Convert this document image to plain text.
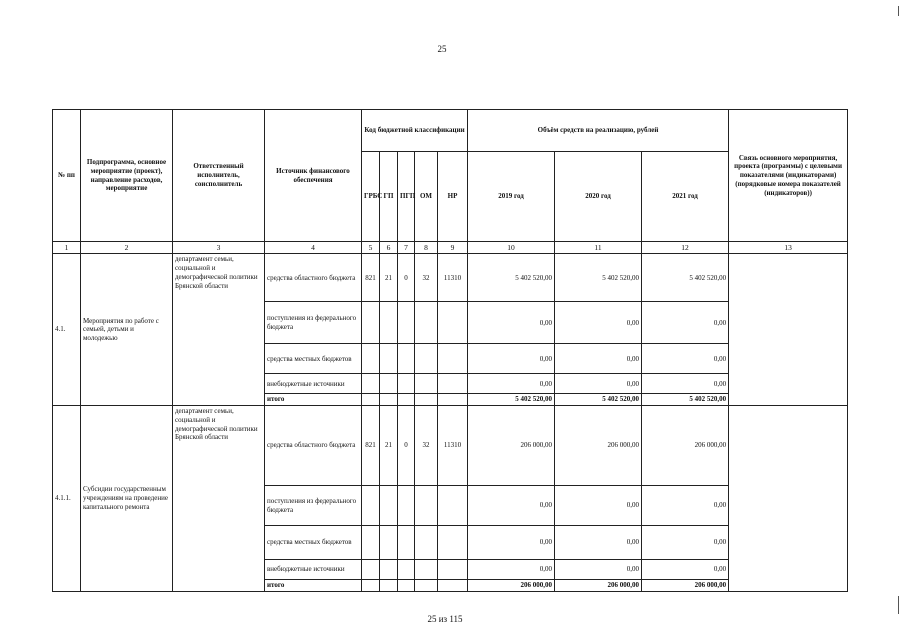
25
№ пп	Подпрограмма, основное мероприятие (проект), направление расходов, мероприятие	Ответственный исполнитель, соисполнитель	Источник финансового обеспечения	Код бюджетной классификации					Объём средств на реализацию, рублей			Связь основного мероприятия, проекта (программы) с целевыми показателями (индикаторами) (порядковые номера показателей (индикаторов))
				ГРБС	ГП	ПГП	ОМ	НР	2019 год	2020 год	2021 год	
1	2	3	4	5	6	7	8	9	10	11	12	13
4.1.	Мероприятия по работе с семьей, детьми и молодежью	департамент семьи, социальной и демографической политики Брянской области	средства областного бюджета	821	21	0	32	11310	5 402 520,00	5 402 520,00	5 402 520,00	
			поступления из федерального бюджета						0,00	0,00	0,00	
			средства местных бюджетов						0,00	0,00	0,00	
			внебюджетные источники						0,00	0,00	0,00	
			итого						5 402 520,00	5 402 520,00	5 402 520,00	
4.1.1.	Субсидии государственным учреждениям на проведение капитального ремонта	департамент семьи, социальной и демографической политики Брянской области	средства областного бюджета	821	21	0	32	11310	206 000,00	206 000,00	206 000,00	
			поступления из федерального бюджета						0,00	0,00	0,00	
			средства местных бюджетов						0,00	0,00	0,00	
			внебюджетные источники						0,00	0,00	0,00	
			итого						206 000,00	206 000,00	206 000,00	
25 из 115
